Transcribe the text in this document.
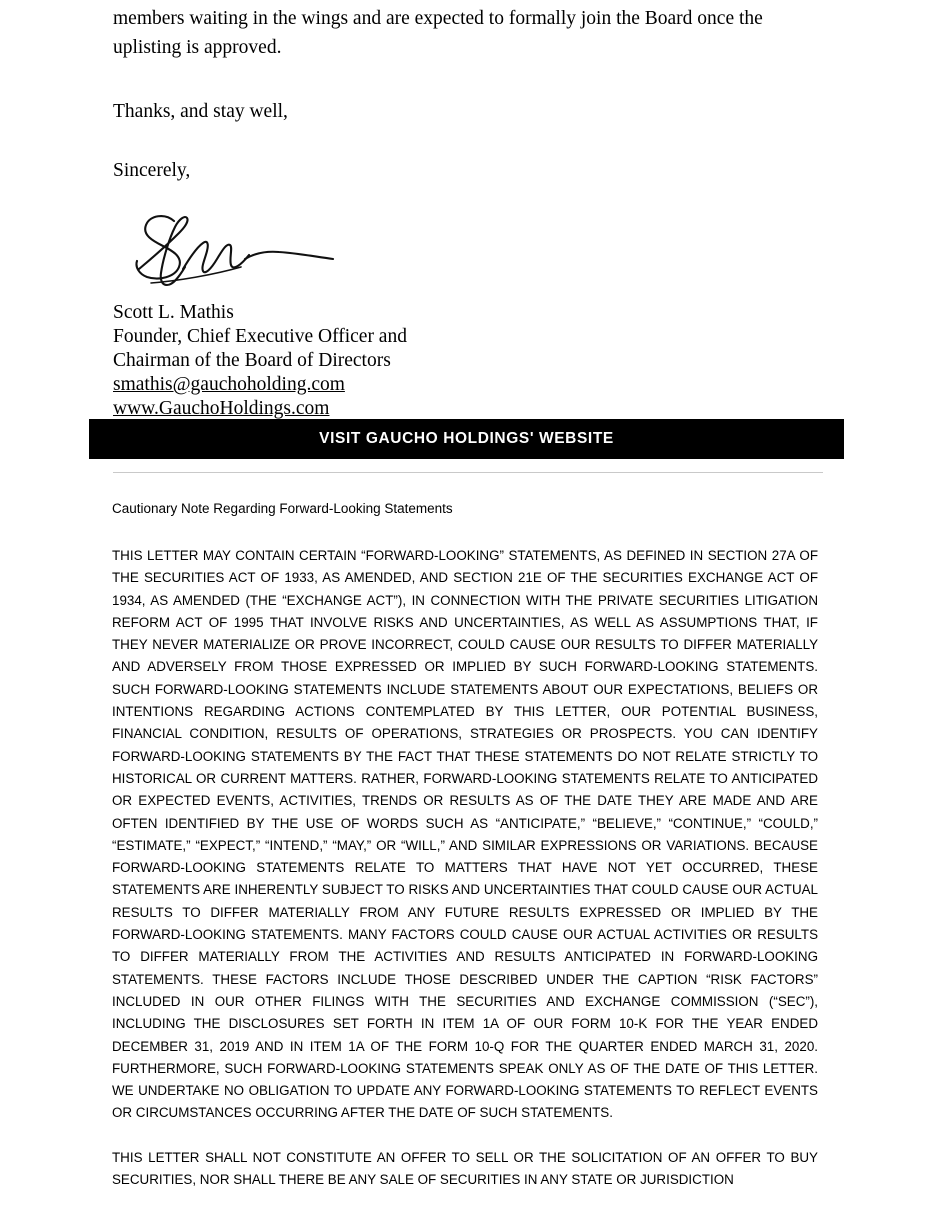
members waiting in the wings and are expected to formally join the Board once the uplisting is approved.

Thanks, and stay well,

Sincerely,

Scott L. Mathis
Founder, Chief Executive Officer and
Chairman of the Board of Directors
smathis@gauchoholding.com
www.GauchoHoldings.com
VISIT GAUCHO HOLDINGS' WEBSITE

Cautionary Note Regarding Forward-Looking Statements

THIS LETTER MAY CONTAIN CERTAIN “FORWARD-LOOKING” STATEMENTS, AS DEFINED IN SECTION 27A OF THE SECURITIES ACT OF 1933, AS AMENDED, AND SECTION 21E OF THE SECURITIES EXCHANGE ACT OF 1934, AS AMENDED (THE “EXCHANGE ACT”), IN CONNECTION WITH THE PRIVATE SECURITIES LITIGATION REFORM ACT OF 1995 THAT INVOLVE RISKS AND UNCERTAINTIES, AS WELL AS ASSUMPTIONS THAT, IF THEY NEVER MATERIALIZE OR PROVE INCORRECT, COULD CAUSE OUR RESULTS TO DIFFER MATERIALLY AND ADVERSELY FROM THOSE EXPRESSED OR IMPLIED BY SUCH FORWARD-LOOKING STATEMENTS. SUCH FORWARD-LOOKING STATEMENTS INCLUDE STATEMENTS ABOUT OUR EXPECTATIONS, BELIEFS OR INTENTIONS REGARDING ACTIONS CONTEMPLATED BY THIS LETTER, OUR POTENTIAL BUSINESS, FINANCIAL CONDITION, RESULTS OF OPERATIONS, STRATEGIES OR PROSPECTS. YOU CAN IDENTIFY FORWARD-LOOKING STATEMENTS BY THE FACT THAT THESE STATEMENTS DO NOT RELATE STRICTLY TO HISTORICAL OR CURRENT MATTERS. RATHER, FORWARD-LOOKING STATEMENTS RELATE TO ANTICIPATED OR EXPECTED EVENTS, ACTIVITIES, TRENDS OR RESULTS AS OF THE DATE THEY ARE MADE AND ARE OFTEN IDENTIFIED BY THE USE OF WORDS SUCH AS “ANTICIPATE,” “BELIEVE,” “CONTINUE,” “COULD,” “ESTIMATE,” “EXPECT,” “INTEND,” “MAY,” OR “WILL,” AND SIMILAR EXPRESSIONS OR VARIATIONS. BECAUSE FORWARD-LOOKING STATEMENTS RELATE TO MATTERS THAT HAVE NOT YET OCCURRED, THESE STATEMENTS ARE INHERENTLY SUBJECT TO RISKS AND UNCERTAINTIES THAT COULD CAUSE OUR ACTUAL RESULTS TO DIFFER MATERIALLY FROM ANY FUTURE RESULTS EXPRESSED OR IMPLIED BY THE FORWARD-LOOKING STATEMENTS. MANY FACTORS COULD CAUSE OUR ACTUAL ACTIVITIES OR RESULTS TO DIFFER MATERIALLY FROM THE ACTIVITIES AND RESULTS ANTICIPATED IN FORWARD-LOOKING STATEMENTS. THESE FACTORS INCLUDE THOSE DESCRIBED UNDER THE CAPTION “RISK FACTORS” INCLUDED IN OUR OTHER FILINGS WITH THE SECURITIES AND EXCHANGE COMMISSION (“SEC”), INCLUDING THE DISCLOSURES SET FORTH IN ITEM 1A OF OUR FORM 10-K FOR THE YEAR ENDED DECEMBER 31, 2019 AND IN ITEM 1A OF THE FORM 10-Q FOR THE QUARTER ENDED MARCH 31, 2020. FURTHERMORE, SUCH FORWARD-LOOKING STATEMENTS SPEAK ONLY AS OF THE DATE OF THIS LETTER. WE UNDERTAKE NO OBLIGATION TO UPDATE ANY FORWARD-LOOKING STATEMENTS TO REFLECT EVENTS OR CIRCUMSTANCES OCCURRING AFTER THE DATE OF SUCH STATEMENTS.

THIS LETTER SHALL NOT CONSTITUTE AN OFFER TO SELL OR THE SOLICITATION OF AN OFFER TO BUY SECURITIES, NOR SHALL THERE BE ANY SALE OF SECURITIES IN ANY STATE OR JURISDICTION
